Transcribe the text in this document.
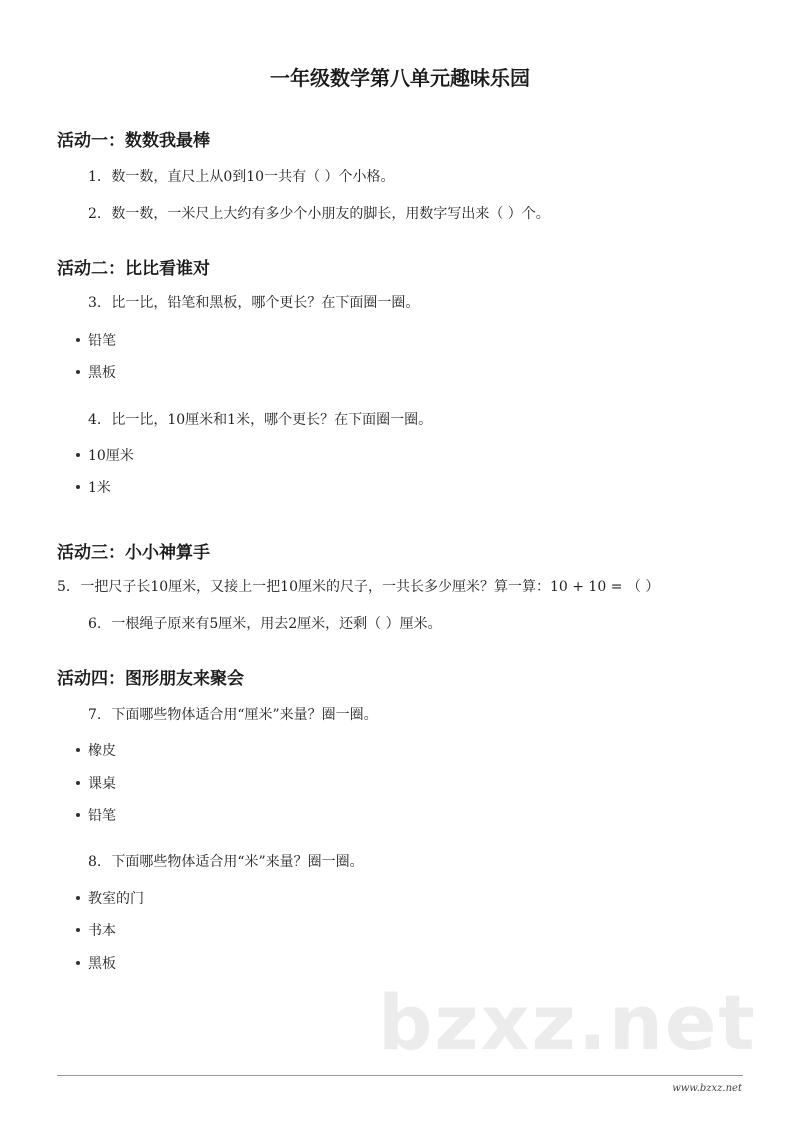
一年级数学第八单元趣味乐园
活动一：数数我最棒
1. 数一数，直尺上从0到10一共有（ ）个小格。
2. 数一数，一米尺上大约有多少个小朋友的脚长，用数字写出来（ ）个。
活动二：比比看谁对
3. 比一比，铅笔和黑板，哪个更长？在下面圈一圈。
铅笔
黑板
4. 比一比，10厘米和1米，哪个更长？在下面圈一圈。
10厘米
1米
活动三：小小神算手
5. 一把尺子长10厘米，又接上一把10厘米的尺子，一共长多少厘米？算一算：10 + 10 = （ ）
6. 一根绳子原来有5厘米，用去2厘米，还剩（ ）厘米。
活动四：图形朋友来聚会
7. 下面哪些物体适合用“厘米”来量？圈一圈。
橡皮
课桌
铅笔
8. 下面哪些物体适合用“米”来量？圈一圈。
教室的门
书本
黑板
bzxz.net
www.bzxz.net
